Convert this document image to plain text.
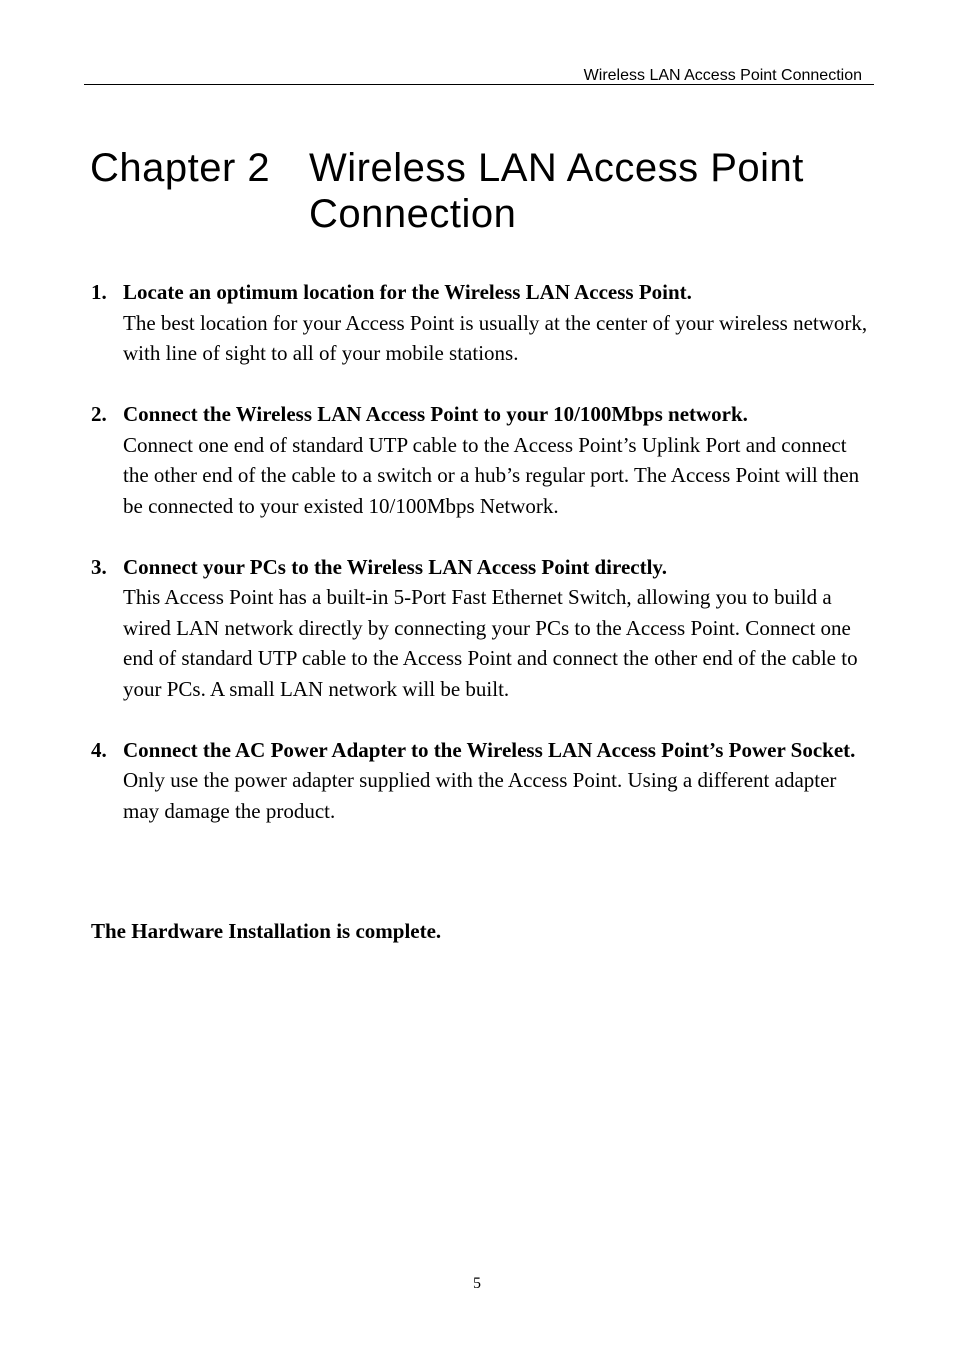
Wireless LAN Access Point Connection
Chapter 2 Wireless LAN Access Point Connection
1. Locate an optimum location for the Wireless LAN Access Point.
The best location for your Access Point is usually at the center of your wireless network, with line of sight to all of your mobile stations.
2. Connect the Wireless LAN Access Point to your 10/100Mbps network.
Connect one end of standard UTP cable to the Access Point’s Uplink Port and connect the other end of the cable to a switch or a hub’s regular port. The Access Point will then be connected to your existed 10/100Mbps Network.
3. Connect your PCs to the Wireless LAN Access Point directly.
This Access Point has a built-in 5-Port Fast Ethernet Switch, allowing you to build a wired LAN network directly by connecting your PCs to the Access Point. Connect one end of standard UTP cable to the Access Point and connect the other end of the cable to your PCs. A small LAN network will be built.
4. Connect the AC Power Adapter to the Wireless LAN Access Point’s Power Socket.
Only use the power adapter supplied with the Access Point. Using a different adapter may damage the product.

The Hardware Installation is complete.

5
